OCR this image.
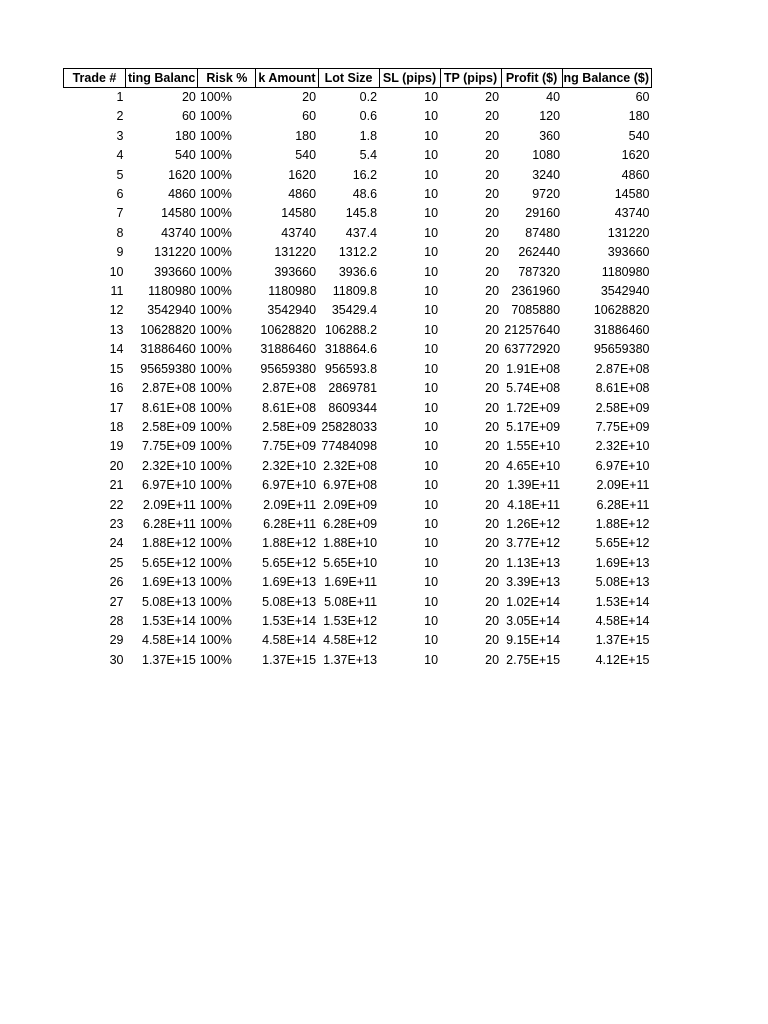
Trade #	ting Balanc	Risk %	k Amount	Lot Size	SL (pips)	TP (pips)	Profit ($)	ng Balance ($)
1	20	100%	20	0.2	10	20	40	60
2	60	100%	60	0.6	10	20	120	180
3	180	100%	180	1.8	10	20	360	540
4	540	100%	540	5.4	10	20	1080	1620
5	1620	100%	1620	16.2	10	20	3240	4860
6	4860	100%	4860	48.6	10	20	9720	14580
7	14580	100%	14580	145.8	10	20	29160	43740
8	43740	100%	43740	437.4	10	20	87480	131220
9	131220	100%	131220	1312.2	10	20	262440	393660
10	393660	100%	393660	3936.6	10	20	787320	1180980
11	1180980	100%	1180980	11809.8	10	20	2361960	3542940
12	3542940	100%	3542940	35429.4	10	20	7085880	10628820
13	10628820	100%	10628820	106288.2	10	20	21257640	31886460
14	31886460	100%	31886460	318864.6	10	20	63772920	95659380
15	95659380	100%	95659380	956593.8	10	20	1.91E+08	2.87E+08
16	2.87E+08	100%	2.87E+08	2869781	10	20	5.74E+08	8.61E+08
17	8.61E+08	100%	8.61E+08	8609344	10	20	1.72E+09	2.58E+09
18	2.58E+09	100%	2.58E+09	25828033	10	20	5.17E+09	7.75E+09
19	7.75E+09	100%	7.75E+09	77484098	10	20	1.55E+10	2.32E+10
20	2.32E+10	100%	2.32E+10	2.32E+08	10	20	4.65E+10	6.97E+10
21	6.97E+10	100%	6.97E+10	6.97E+08	10	20	1.39E+11	2.09E+11
22	2.09E+11	100%	2.09E+11	2.09E+09	10	20	4.18E+11	6.28E+11
23	6.28E+11	100%	6.28E+11	6.28E+09	10	20	1.26E+12	1.88E+12
24	1.88E+12	100%	1.88E+12	1.88E+10	10	20	3.77E+12	5.65E+12
25	5.65E+12	100%	5.65E+12	5.65E+10	10	20	1.13E+13	1.69E+13
26	1.69E+13	100%	1.69E+13	1.69E+11	10	20	3.39E+13	5.08E+13
27	5.08E+13	100%	5.08E+13	5.08E+11	10	20	1.02E+14	1.53E+14
28	1.53E+14	100%	1.53E+14	1.53E+12	10	20	3.05E+14	4.58E+14
29	4.58E+14	100%	4.58E+14	4.58E+12	10	20	9.15E+14	1.37E+15
30	1.37E+15	100%	1.37E+15	1.37E+13	10	20	2.75E+15	4.12E+15
